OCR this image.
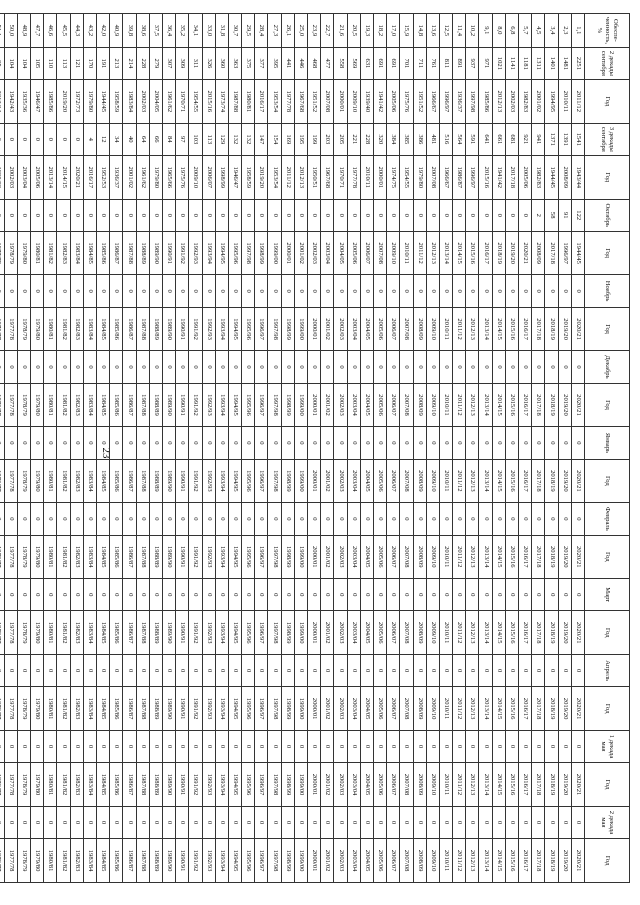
23
Обеспе-ченность, %	2 декады сентября	Год	3 декады сентября	Год	Октябрь	Год	Ноябрь	Год	Декабрь	Год	Январь	Год	Февраль	Год	Март	Год	Апрель	Год	1 декада мая	Год	2 декада мая	Год
1,1	2251	2011/12	1541	1943/44	122	1944/45	0	2020/21	0	2020/21	0	2020/21	0	2020/21	0	2020/21	0	2020/21	0	2020/21	0	2020/21
2,3	1481	2010/11	1391	2008/09	91	1996/97	0	2019/20	0	2019/20	0	2019/20	0	2019/20	0	2019/20	0	2019/20	0	2019/20	0	2019/20
3,4	1401	1994/95	1371	1944/45	58	2017/18	0	2018/19	0	2018/19	0	2018/19	0	2018/19	0	2018/19	0	2018/19	0	2018/19	0	2018/19
4,5	1311	2001/02	941	1982/83	2	2008/09	0	2017/18	0	2017/18	0	2017/18	0	2017/18	0	2017/18	0	2017/18	0	2017/18	0	2017/18
5,7	1181	1982/83	921	2005/06	0	2020/21	0	2016/17	0	2016/17	0	2016/17	0	2016/17	0	2016/17	0	2016/17	0	2016/17	0	2016/17
6,8	1141	2002/03	681	2017/18	0	2019/20	0	2015/16	0	2015/16	0	2015/16	0	2015/16	0	2015/16	0	2015/16	0	2015/16	0	2015/16
8,0	1021	2012/13	661	1941/42	0	2018/19	0	2014/15	0	2014/15	0	2014/15	0	2014/15	0	2014/15	0	2014/15	0	2014/15	0	2014/15
9,1	971	1985/86	641	2015/16	0	2016/17	0	2013/14	0	2013/14	0	2013/14	0	2013/14	0	2013/14	0	2013/14	0	2013/14	0	2013/14
10,2	937	1997/98	591	1996/97	0	2015/16	0	2012/13	0	2012/13	0	2012/13	0	2012/13	0	2012/13	0	2012/13	0	2012/13	0	2012/13
11,4	891	1936/37	564	1986/87	0	2014/15	0	2011/12	0	2011/12	0	2011/12	0	2011/12	0	2011/12	0	2011/12	0	2011/12	0	2011/12
12,5	811	1996/97	516	1966/67	0	2013/14	0	2010/11	0	2010/11	0	2010/11	0	2010/11	0	2010/11	0	2010/11	0	2010/11	0	2010/11
13,6	761	1966/67	481	2007/08	0	2012/13	0	2009/10	0	2009/10	0	2009/10	0	2009/10	0	2009/10	0	2009/10	0	2009/10	0	2009/10
14,8	711	1951/52	386	1979/80	0	2011/12	0	2008/09	0	2008/09	0	2008/09	0	2008/09	0	2008/09	0	2008/09	0	2008/09	0	2008/09
15,9	701	1975/76	385	1954/55	0	2010/11	0	2007/08	0	2007/08	0	2007/08	0	2007/08	0	2007/08	0	2007/08	0	2007/08	0	2007/08
17,0	691	2005/06	384	1974/75	0	2009/10	0	2006/07	0	2006/07	0	2006/07	0	2006/07	0	2006/07	0	2006/07	0	2006/07	0	2006/07
18,2	691	1941/42	320	2000/01	0	2007/08	0	2005/06	0	2005/06	0	2005/06	0	2005/06	0	2005/06	0	2005/06	0	2005/06	0	2005/06
19,3	631	1939/40	228	2010/11	0	2006/07	0	2004/05	0	2004/05	0	2004/05	0	2004/05	0	2004/05	0	2004/05	0	2004/05	0	2004/05
20,5	569	2009/10	221	1977/78	0	2005/06	0	2003/04	0	2003/04	0	2003/04	0	2003/04	0	2003/04	0	2003/04	0	2003/04	0	2003/04
21,6	558	2000/01	205	1970/71	0	2004/05	0	2002/03	0	2002/03	0	2002/03	0	2002/03	0	2002/03	0	2002/03	0	2002/03	0	2002/03
22,7	477	2007/08	203	1967/68	0	2003/04	0	2001/02	0	2001/02	0	2001/02	0	2001/02	0	2001/02	0	2001/02	0	2001/02	0	2001/02
23,9	468	1951/52	199	1950/51	0	2002/03	0	2000/01	0	2000/01	0	2000/01	0	2000/01	0	2000/01	0	2000/01	0	2000/01	0	2000/01
25,0	446	1967/68	195	2012/13	0	2001/02	0	1999/00	0	1999/00	0	1999/00	0	1999/00	0	1999/00	0	1999/00	0	1999/00	0	1999/00
26,1	441	1977/78	169	2011/12	0	2000/01	0	1998/99	0	1998/99	0	1998/99	0	1998/99	0	1998/99	0	1998/99	0	1998/99	0	1998/99
27,3	395	1953/54	154	1953/54	0	1999/00	0	1997/98	0	1997/98	0	1997/98	0	1997/98	0	1997/98	0	1997/98	0	1997/98	0	1997/98
28,4	377	2016/17	147	2019/20	0	1998/99	0	1996/97	0	1996/97	0	1996/97	0	1996/97	0	1996/97	0	1996/97	0	1996/97	0	1996/97
29,5	375	1980/81	132	1958/59	0	1997/98	0	1995/96	0	1995/96	0	1995/96	0	1995/96	0	1995/96	0	1995/96	0	1995/96	0	1995/96
30,7	363	1987/88	132	1946/47	0	1995/96	0	1994/95	0	1994/95	0	1994/95	0	1994/95	0	1994/95	0	1994/95	0	1994/95	0	1994/95
31,8	360	1973/74	129	1998/99	0	1994/95	0	1993/94	0	1993/94	0	1993/94	0	1993/94	0	1993/94	0	1993/94	0	1993/94	0	1993/94
33,0	326	2015/16	113	2006/07	0	1993/94	0	1992/93	0	1992/93	0	1992/93	0	1992/93	0	1992/93	0	1992/93	0	1992/93	0	1992/93
34,1	311	1954/55	103	2009/10	0	1992/93	0	1991/92	0	1991/92	0	1991/92	0	1991/92	0	1991/92	0	1991/92	0	1991/92	0	1991/92
35,2	309	1970/71	97	1975/76	0	1991/92	0	1990/91	0	1990/91	0	1990/91	0	1990/91	0	1990/91	0	1990/91	0	1990/91	0	1990/91
36,4	307	1961/62	84	1965/66	0	1990/91	0	1989/90	0	1989/90	0	1989/90	0	1989/90	0	1989/90	0	1989/90	0	1989/90	0	1989/90
37,5	279	2004/05	66	1979/80	0	1989/90	0	1988/89	0	1988/89	0	1988/89	0	1988/89	0	1988/89	0	1988/89	0	1988/89	0	1988/89
38,6	228	2002/03	64	1961/62	0	1988/89	0	1987/88	0	1987/88	0	1987/88	0	1987/88	0	1987/88	0	1987/88	0	1987/88	0	1987/88
39,8	214	1983/84	40	2001/02	0	1987/88	0	1986/87	0	1986/87	0	1986/87	0	1986/87	0	1986/87	0	1986/87	0	1986/87	0	1986/87
40,9	213	1958/59	34	1936/37	0	1986/87	0	1985/86	0	1985/86	0	1985/86	0	1985/86	0	1985/86	0	1985/86	0	1985/86	0	1985/86
42,0	191	1944/45	12	1952/53	0	1985/86	0	1984/85	0	1984/85	0	1984/85	0	1984/85	0	1984/85	0	1984/85	0	1984/85	0	1984/85
43,2	170	1979/80	4	2016/17	0	1984/85	0	1983/84	0	1983/84	0	1983/84	0	1983/84	0	1983/84	0	1983/84	0	1983/84	0	1983/84
44,3	121	1972/73	0	2020/21	0	1983/84	0	1982/83	0	1982/83	0	1982/83	0	1982/83	0	1982/83	0	1982/83	0	1982/83	0	1982/83
45,5	113	2019/20	0	2014/15	0	1982/83	0	1981/82	0	1981/82	0	1981/82	0	1981/82	0	1981/82	0	1981/82	0	1981/82	0	1981/82
46,6	110	1985/86	0	2013/14	0	1981/82	0	1980/81	0	1980/81	0	1980/81	0	1980/81	0	1980/81	0	1980/81	0	1980/81	0	1980/81
47,7	105	1946/47	0	2005/06	0	1980/81	0	1979/80	0	1979/80	0	1979/80	0	1979/80	0	1979/80	0	1979/80	0	1979/80	0	1979/80
48,9	104	1935/36	0	2003/04	0	1979/80	0	1978/79	0	1978/79	0	1978/79	0	1978/79	0	1978/79	0	1978/79	0	1978/79	0	1978/79
50,0	104	1942/43	0	2002/03	0	1978/79	0	1977/78	0	1977/78	0	1977/78	0	1977/78	0	1977/78	0	1977/78	0	1977/78	0	1977/78
